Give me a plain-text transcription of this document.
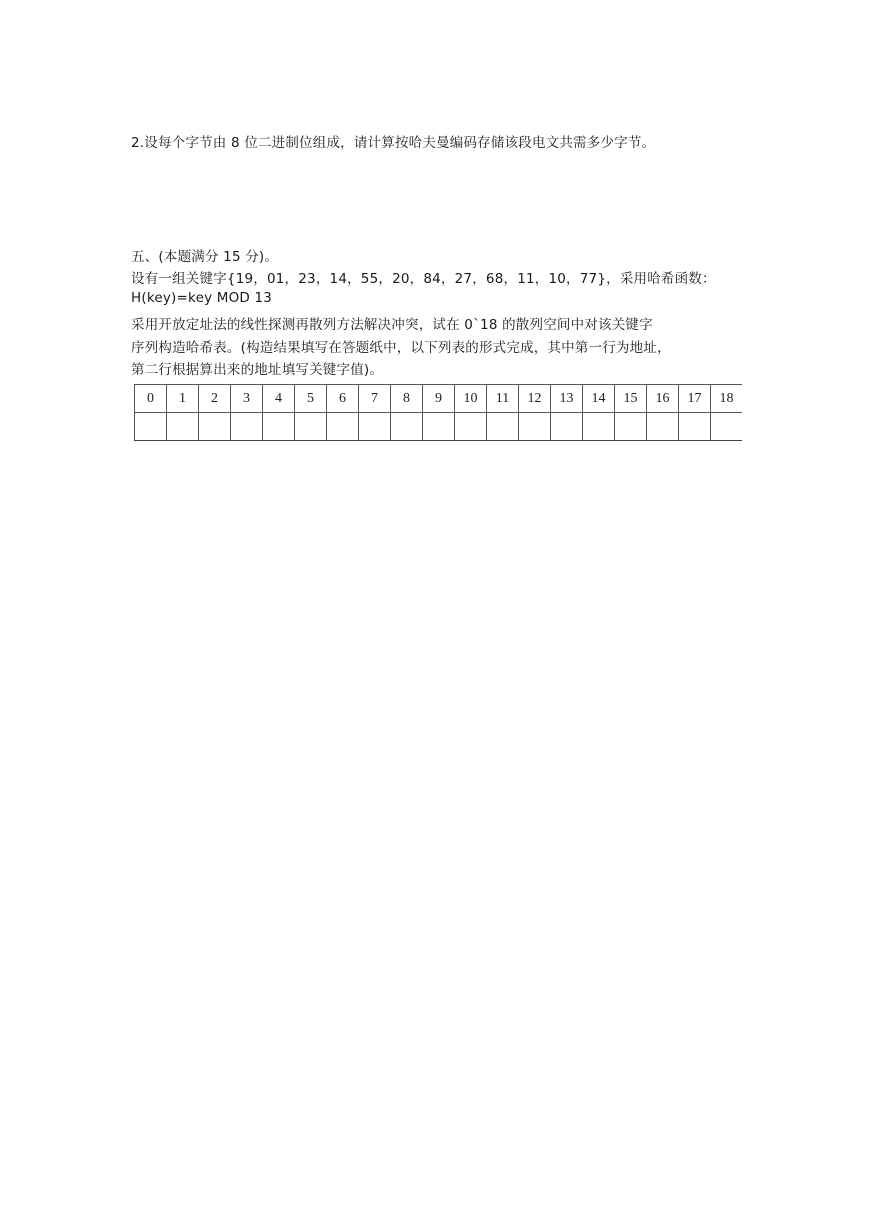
2.设每个字节由 8 位二进制位组成，请计算按哈夫曼编码存储该段电文共需多少字节。
五、(本题满分 15 分)。
设有一组关键字{19，01，23，14，55，20，84，27，68，11，10，77}，采用哈希函数：
H(key)=key MOD 13
采用开放定址法的线性探测再散列方法解决冲突，试在 0`18 的散列空间中对该关键字
序列构造哈希表。(构造结果填写在答题纸中，以下列表的形式完成，其中第一行为地址，
第二行根据算出来的地址填写关键字值)。
0	1	2	3	4	5	6	7	8	9	10	11	12	13	14	15	16	17	18
